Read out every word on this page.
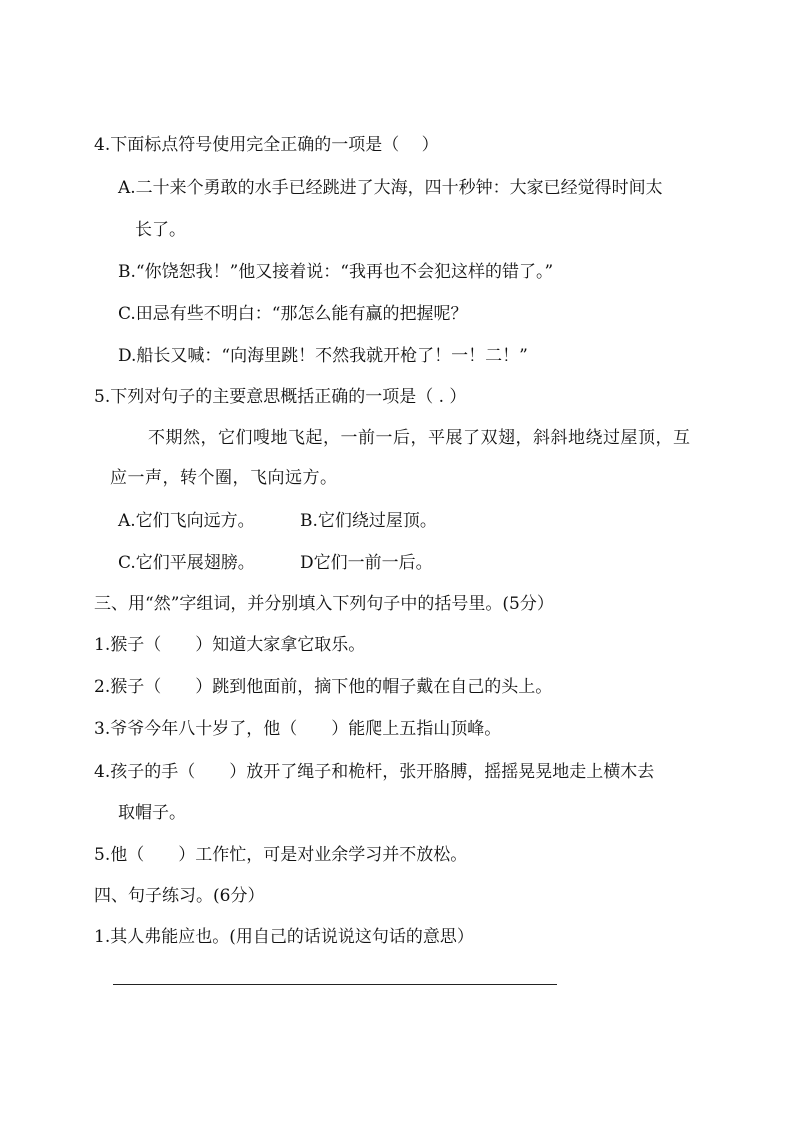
4.下面标点符号使用完全正确的一项是（　 ）
A.二十来个勇敢的水手已经跳进了大海，四十秒钟：大家已经觉得时间太
长了。
B.“你饶恕我！”他又接着说：“我再也不会犯这样的错了。”
C.田忌有些不明白：“那怎么能有赢的把握呢？
D.船长又喊：“向海里跳！不然我就开枪了！一！二！”
5.下列对句子的主要意思概括正确的一项是（ . ）
不期然，它们嗖地飞起，一前一后，平展了双翅，斜斜地绕过屋顶，互
应一声，转个圈，飞向远方。
A.它们飞向远方。	B.它们绕过屋顶。
C.它们平展翅膀。	D它们一前一后。
三、用“然”字组词，并分别填入下列句子中的括号里。(5分）
1.猴子（　　）知道大家拿它取乐。
2.猴子（　　）跳到他面前，摘下他的帽子戴在自己的头上。
3.爷爷今年八十岁了，他（　　）能爬上五指山顶峰。
4.孩子的手（　　）放开了绳子和桅杆，张开胳膊，摇摇晃晃地走上横木去
取帽子。
5.他（　　）工作忙，可是对业余学习并不放松。
四、句子练习。(6分）
1.其人弗能应也。(用自己的话说说这句话的意思）
